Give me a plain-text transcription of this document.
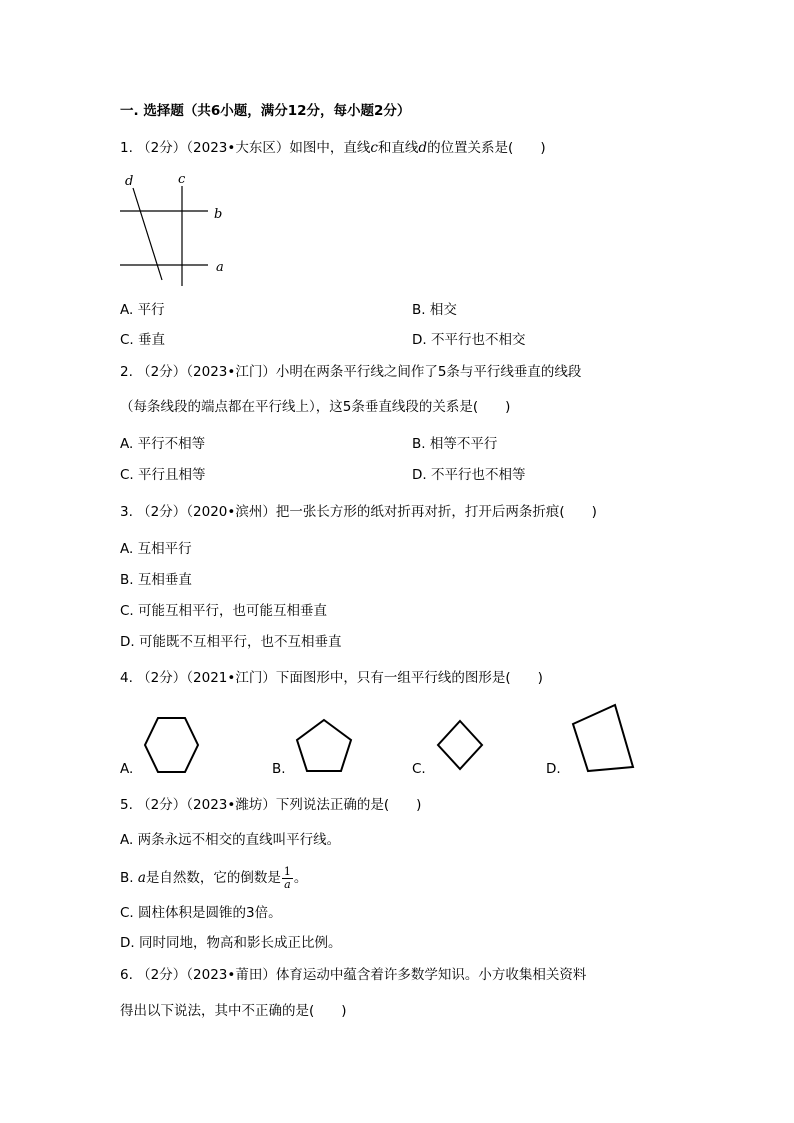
一. 选择题（共6小题，满分12分，每小题2分）
1. （2分）（2023•大东区）如图中，直线c和直线d的位置关系是(　　)
d	c
b
a
A. 平行	B. 相交
C. 垂直	D. 不平行也不相交
2. （2分）（2023•江门）小明在两条平行线之间作了5条与平行线垂直的线段
（每条线段的端点都在平行线上），这5条垂直线段的关系是(　　)
A. 平行不相等	B. 相等不平行
C. 平行且相等	D. 不平行也不相等
3. （2分）（2020•滨州）把一张长方形的纸对折再对折，打开后两条折痕(　　)
A. 互相平行
B. 互相垂直
C. 可能互相平行，也可能互相垂直
D. 可能既不互相平行，也不互相垂直
4. （2分）（2021•江门）下面图形中，只有一组平行线的图形是(　　)
A.	B.	C.	D.
5. （2分）（2023•潍坊）下列说法正确的是(　　)
A. 两条永远不相交的直线叫平行线。
B. a是自然数，它的倒数是 $\frac{1}{a}$ 。
C. 圆柱体积是圆锥的3倍。
D. 同时同地，物高和影长成正比例。
6. （2分）（2023•莆田）体育运动中蕴含着许多数学知识。小方收集相关资料
得出以下说法，其中不正确的是(　　)
